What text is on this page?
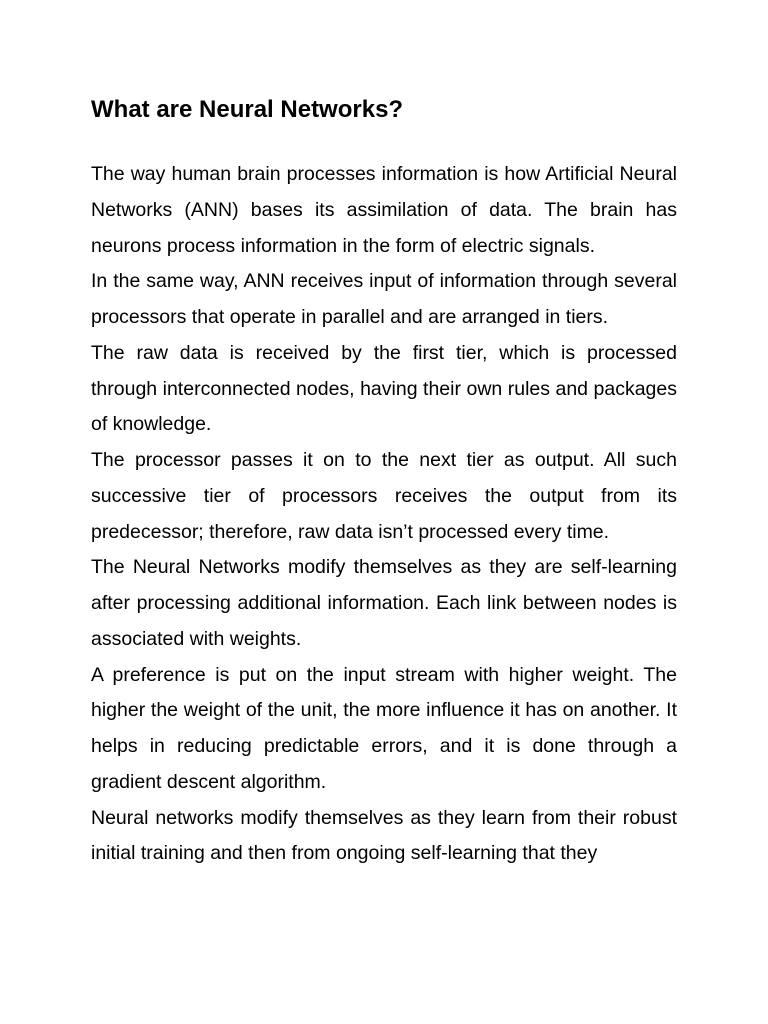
What are Neural Networks?

The way human brain processes information is how Artificial Neural Networks (ANN) bases its assimilation of data. The brain has neurons process information in the form of electric signals.

In the same way, ANN receives input of information through several processors that operate in parallel and are arranged in tiers.

The raw data is received by the first tier, which is processed through interconnected nodes, having their own rules and packages of knowledge.

The processor passes it on to the next tier as output. All such successive tier of processors receives the output from its predecessor; therefore, raw data isn’t processed every time.

The Neural Networks modify themselves as they are self-learning after processing additional information. Each link between nodes is associated with weights.

A preference is put on the input stream with higher weight. The higher the weight of the unit, the more influence it has on another. It helps in reducing predictable errors, and it is done through a gradient descent algorithm.

Neural networks modify themselves as they learn from their robust initial training and then from ongoing self-learning that they
